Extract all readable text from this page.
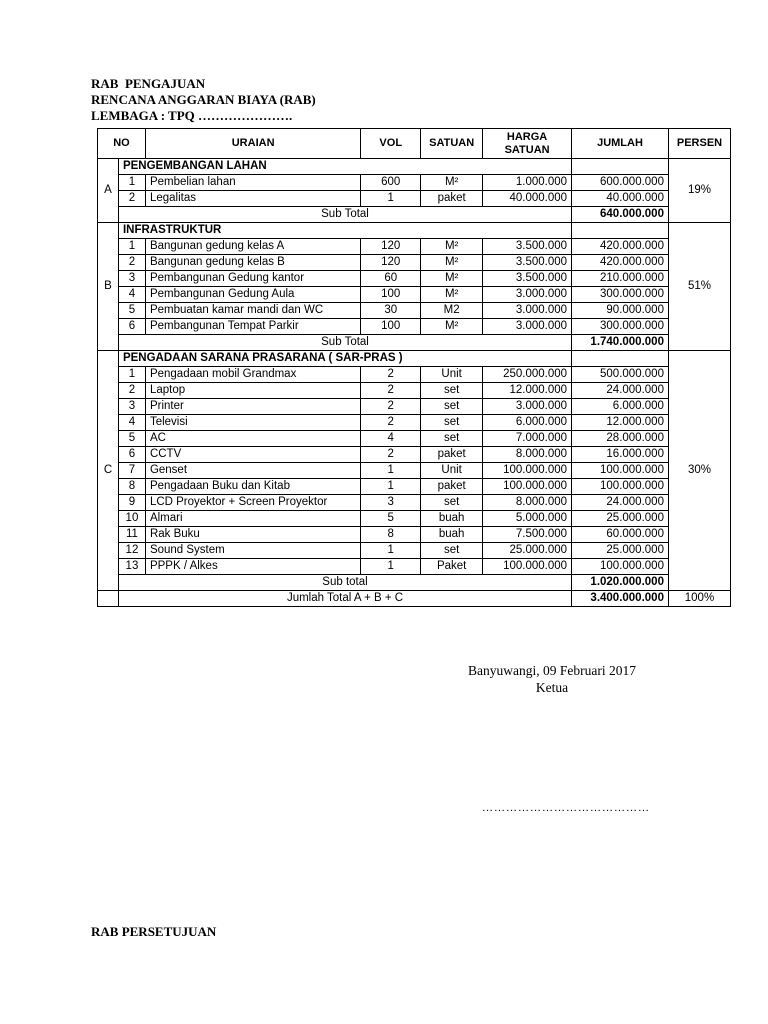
RAB  PENGAJUAN
RENCANA ANGGARAN BIAYA (RAB)
LEMBAGA : TPQ ………………….
NO		URAIAN	VOL	SATUAN	HARGA SATUAN	JUMLAH	PERSEN
A	PENGEMBANGAN LAHAN						19%
	1	Pembelian lahan	600	M²	1.000.000	600.000.000	
	2	Legalitas	1	paket	40.000.000	40.000.000	
	Sub Total					640.000.000	
B	INFRASTRUKTUR						51%
	1	Bangunan gedung kelas A	120	M²	3.500.000	420.000.000	
	2	Bangunan gedung kelas B	120	M²	3.500.000	420.000.000	
	3	Pembangunan Gedung kantor	60	M²	3.500.000	210.000.000	
	4	Pembangunan Gedung Aula	100	M²	3.000.000	300.000.000	
	5	Pembuatan kamar mandi dan WC	30	M2	3.000.000	90.000.000	
	6	Pembangunan Tempat Parkir	100	M²	3.000.000	300.000.000	
	Sub Total					1.740.000.000	
C	PENGADAAN SARANA PRASARANA ( SAR-PRAS )						30%
	1	Pengadaan mobil Grandmax	2	Unit	250.000.000	500.000.000	
	2	Laptop	2	set	12.000.000	24.000.000	
	3	Printer	2	set	3.000.000	6.000.000	
	4	Televisi	2	set	6.000.000	12.000.000	
	5	AC	4	set	7.000.000	28.000.000	
	6	CCTV	2	paket	8.000.000	16.000.000	
	7	Genset	1	Unit	100.000.000	100.000.000	
	8	Pengadaan Buku dan Kitab	1	paket	100.000.000	100.000.000	
	9	LCD Proyektor + Screen Proyektor	3	set	8.000.000	24.000.000	
	10	Almari	5	buah	5.000.000	25.000.000	
	11	Rak Buku	8	buah	7.500.000	60.000.000	
	12	Sound System	1	set	25.000.000	25.000.000	
	13	PPPK / Alkes	1	Paket	100.000.000	100.000.000	
	Sub total					1.020.000.000	
	Jumlah Total A + B + C					3.400.000.000	100%
Banyuwangi, 09 Februari 2017
Ketua
……………………………………
RAB PERSETUJUAN
